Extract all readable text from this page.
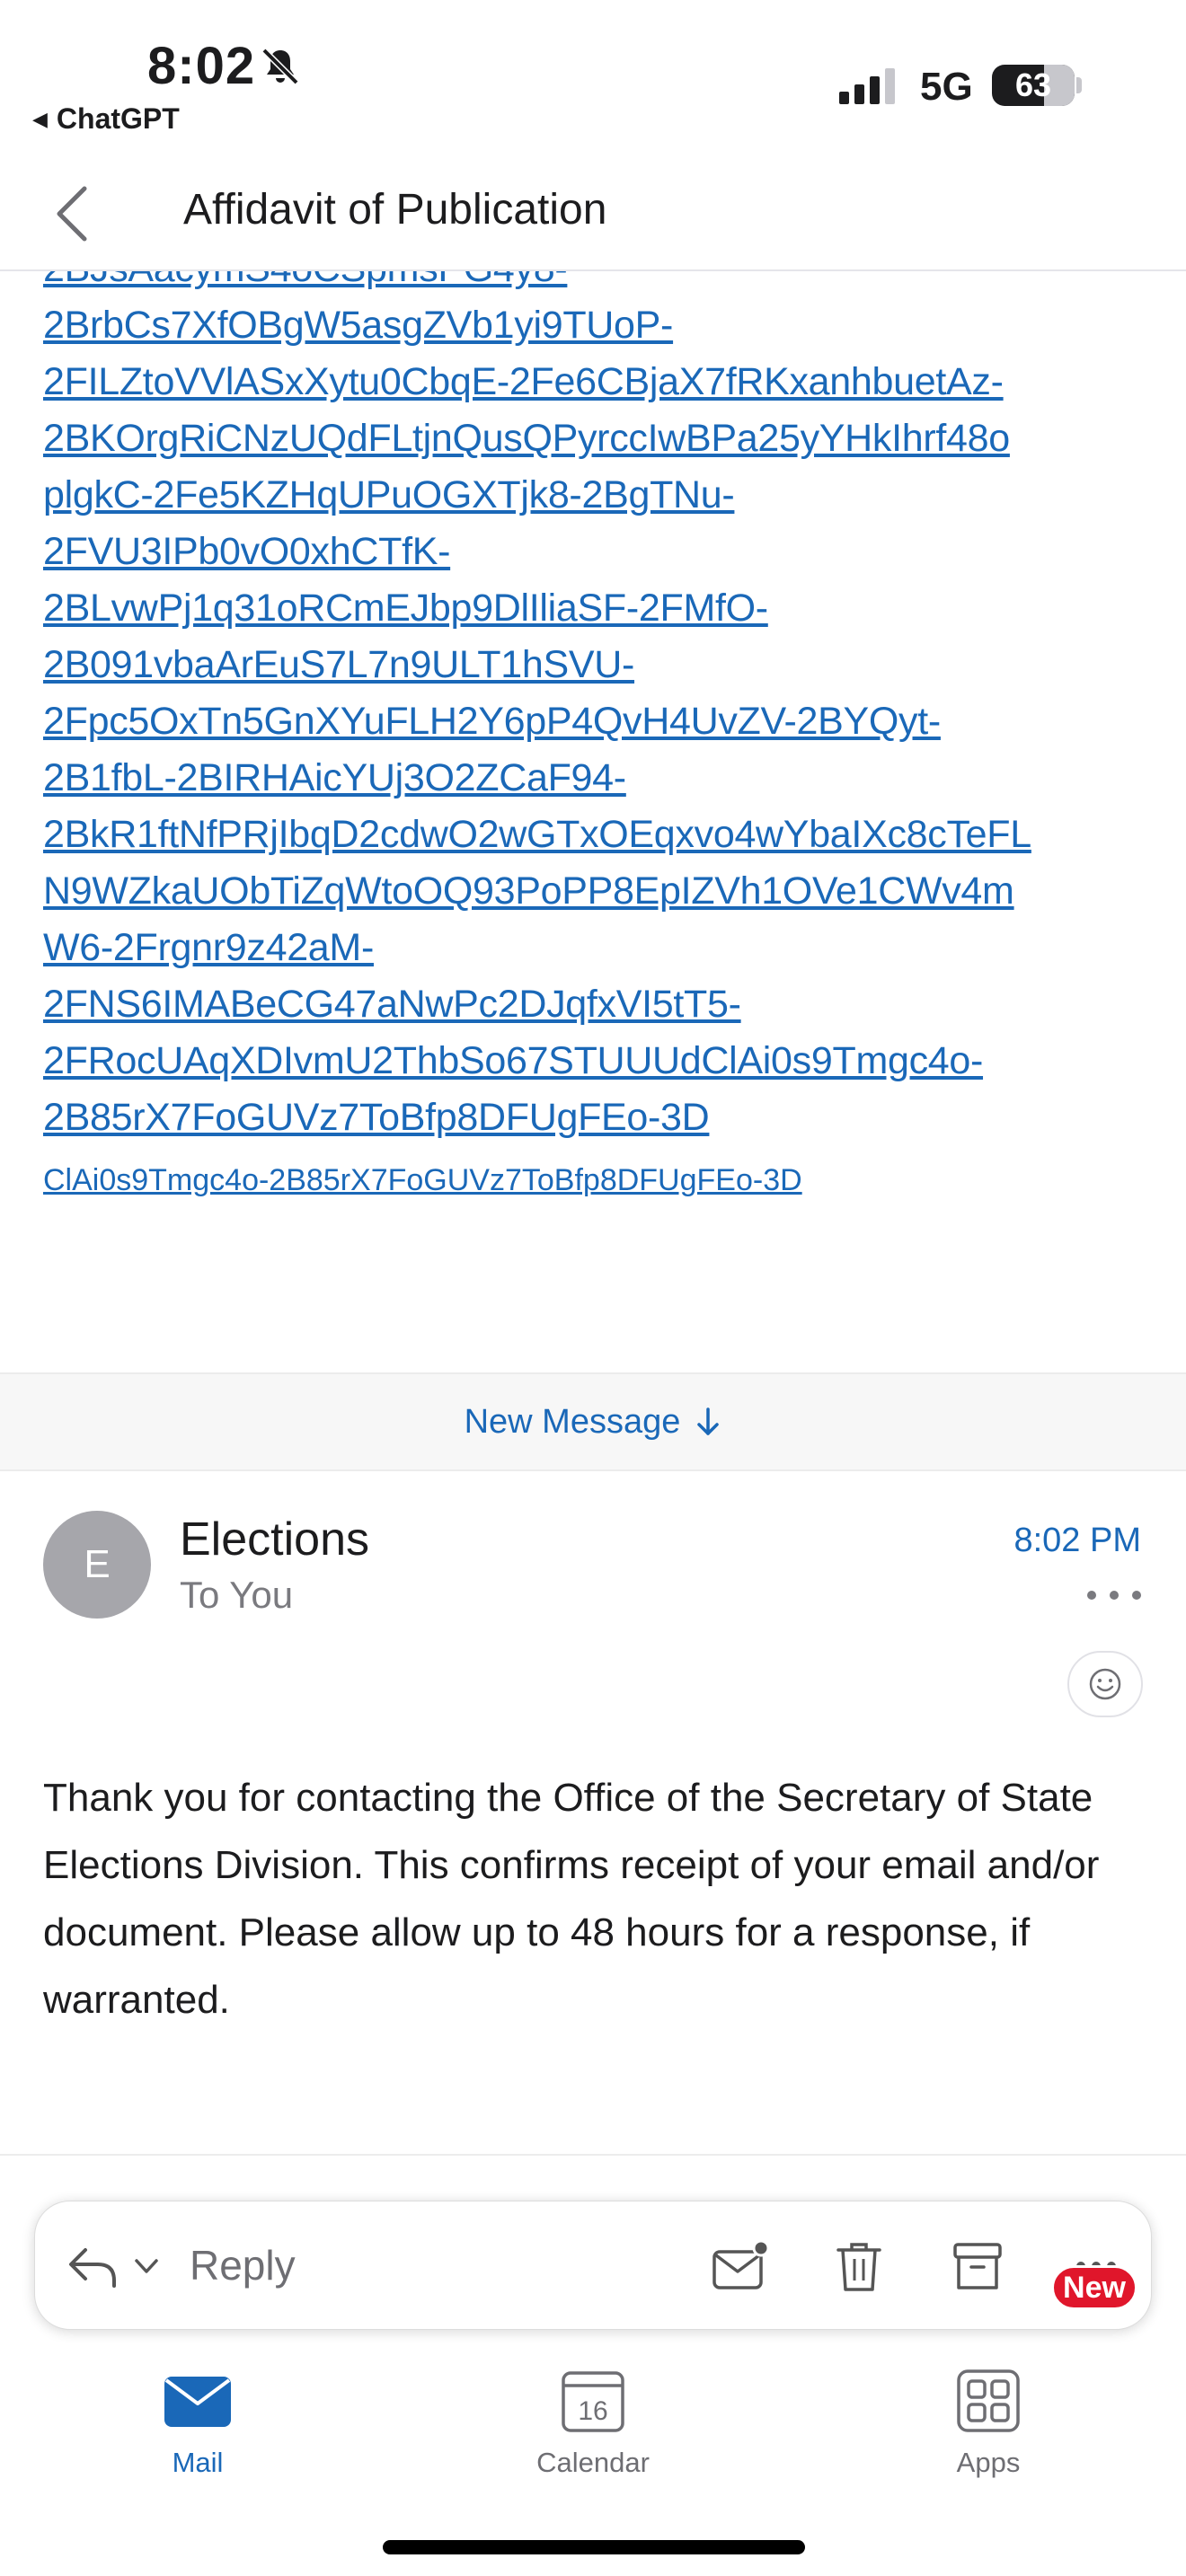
8:02
◀ ChatGPT
5G	63
Affidavit of Publication
2BrbCs7XfOBgW5asgZVb1yi9TUoP-
2FILZtoVVlASxXytu0CbqE-2Fe6CBjaX7fRKxanhbuetAz-
2BKOrgRiCNzUQdFLtjnQusQPyrccIwBPa25yYHkIhrf48o
plgkC-2Fe5KZHqUPuOGXTjk8-2BgTNu-
2FVU3IPb0vO0xhCTfK-
2BLvwPj1q31oRCmEJbp9DlIliaSF-2FMfO-
2B091vbaArEuS7L7n9ULT1hSVU-
2Fpc5OxTn5GnXYuFLH2Y6pP4QvH4UvZV-2BYQyt-
2B1fbL-2BIRHAicYUj3O2ZCaF94-
2BkR1ftNfPRjIbqD2cdwO2wGTxOEqxvo4wYbaIXc8cTeFL
N9WZkaUObTiZqWtoOQ93PoPP8EpIZVh1OVe1CWv4m
W6-2Frgnr9z42aM-
2FNS6IMABeCG47aNwPc2DJqfxVI5tT5-
2FRocUAqXDIvmU2ThbSo67STUUUdClAi0s9Tmgc4o-
2B85rX7FoGUVz7ToBfp8DFUgFEo-3D
ClAi0s9Tmgc4o-2B85rX7FoGUVz7ToBfp8DFUgFEo-3D
New Message
E Elections
To You
8:02 PM
Thank you for contacting the Office of the Secretary of State Elections Division. This confirms receipt of your email and/or document. Please allow up to 48 hours for a response, if warranted.
Reply	New
Mail
16
Calendar	Apps
